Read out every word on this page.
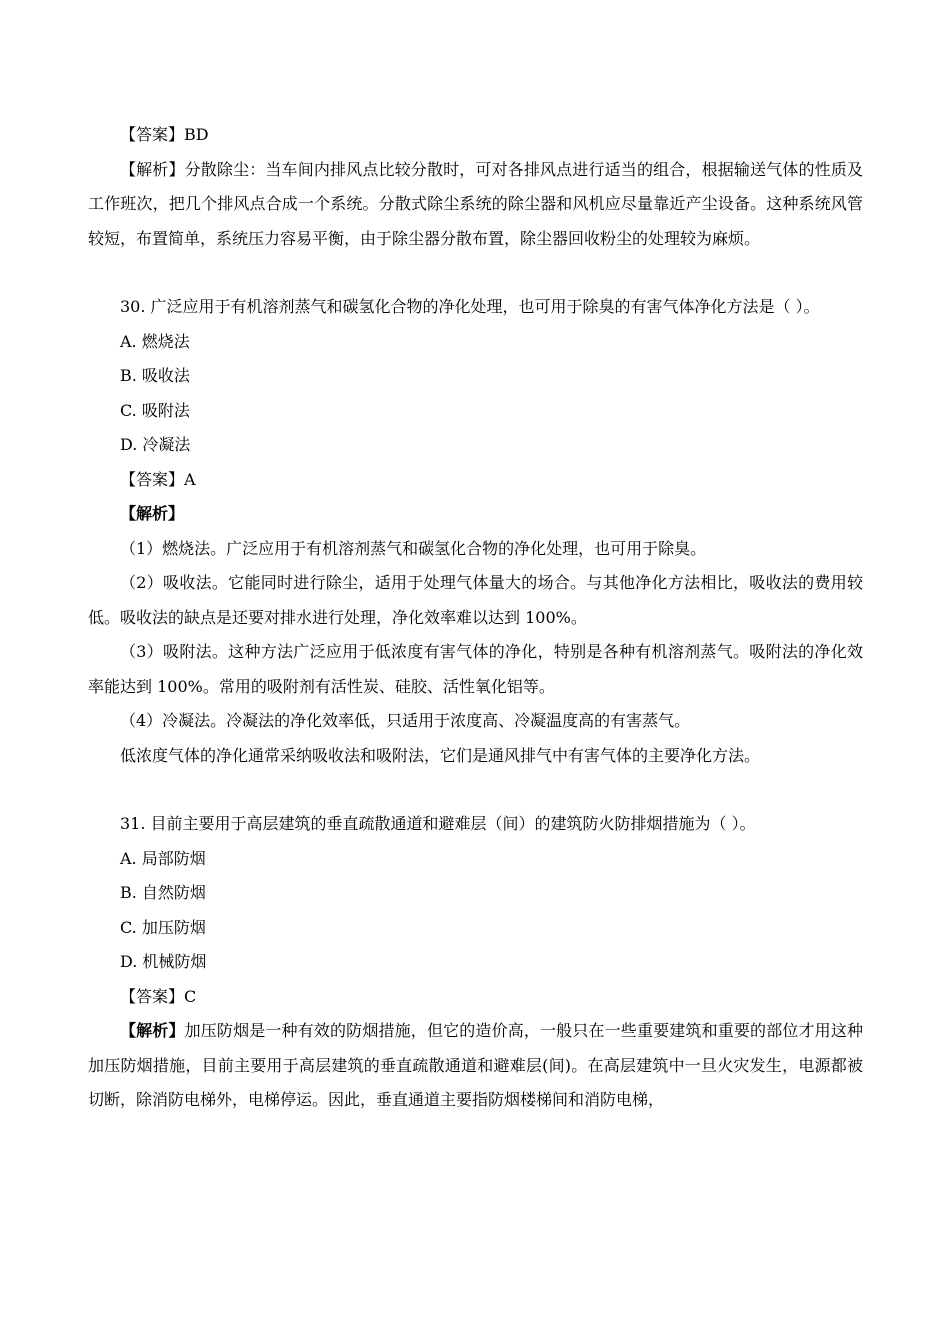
【答案】BD

【解析】分散除尘：当车间内排风点比较分散时，可对各排风点进行适当的组合，根据输送气体的性质及工作班次，把几个排风点合成一个系统。分散式除尘系统的除尘器和风机应尽量靠近产尘设备。这种系统风管较短，布置简单，系统压力容易平衡，由于除尘器分散布置，除尘器回收粉尘的处理较为麻烦。

30. 广泛应用于有机溶剂蒸气和碳氢化合物的净化处理，也可用于除臭的有害气体净化方法是（ ）。

A. 燃烧法

B. 吸收法

C. 吸附法

D. 冷凝法

【答案】A

【解析】

（1）燃烧法。广泛应用于有机溶剂蒸气和碳氢化合物的净化处理，也可用于除臭。

（2）吸收法。它能同时进行除尘，适用于处理气体量大的场合。与其他净化方法相比，吸收法的费用较低。吸收法的缺点是还要对排水进行处理，净化效率难以达到 100%。

（3）吸附法。这种方法广泛应用于低浓度有害气体的净化，特别是各种有机溶剂蒸气。吸附法的净化效率能达到 100%。常用的吸附剂有活性炭、硅胶、活性氧化铝等。

（4）冷凝法。冷凝法的净化效率低，只适用于浓度高、冷凝温度高的有害蒸气。

低浓度气体的净化通常采纳吸收法和吸附法，它们是通风排气中有害气体的主要净化方法。

31. 目前主要用于高层建筑的垂直疏散通道和避难层（间）的建筑防火防排烟措施为（ ）。

A. 局部防烟

B. 自然防烟

C. 加压防烟

D. 机械防烟

【答案】C

【解析】加压防烟是一种有效的防烟措施，但它的造价高，一般只在一些重要建筑和重要的部位才用这种加压防烟措施，目前主要用于高层建筑的垂直疏散通道和避难层(间)。在高层建筑中一旦火灾发生，电源都被切断，除消防电梯外，电梯停运。因此，垂直通道主要指防烟楼梯间和消防电梯，
